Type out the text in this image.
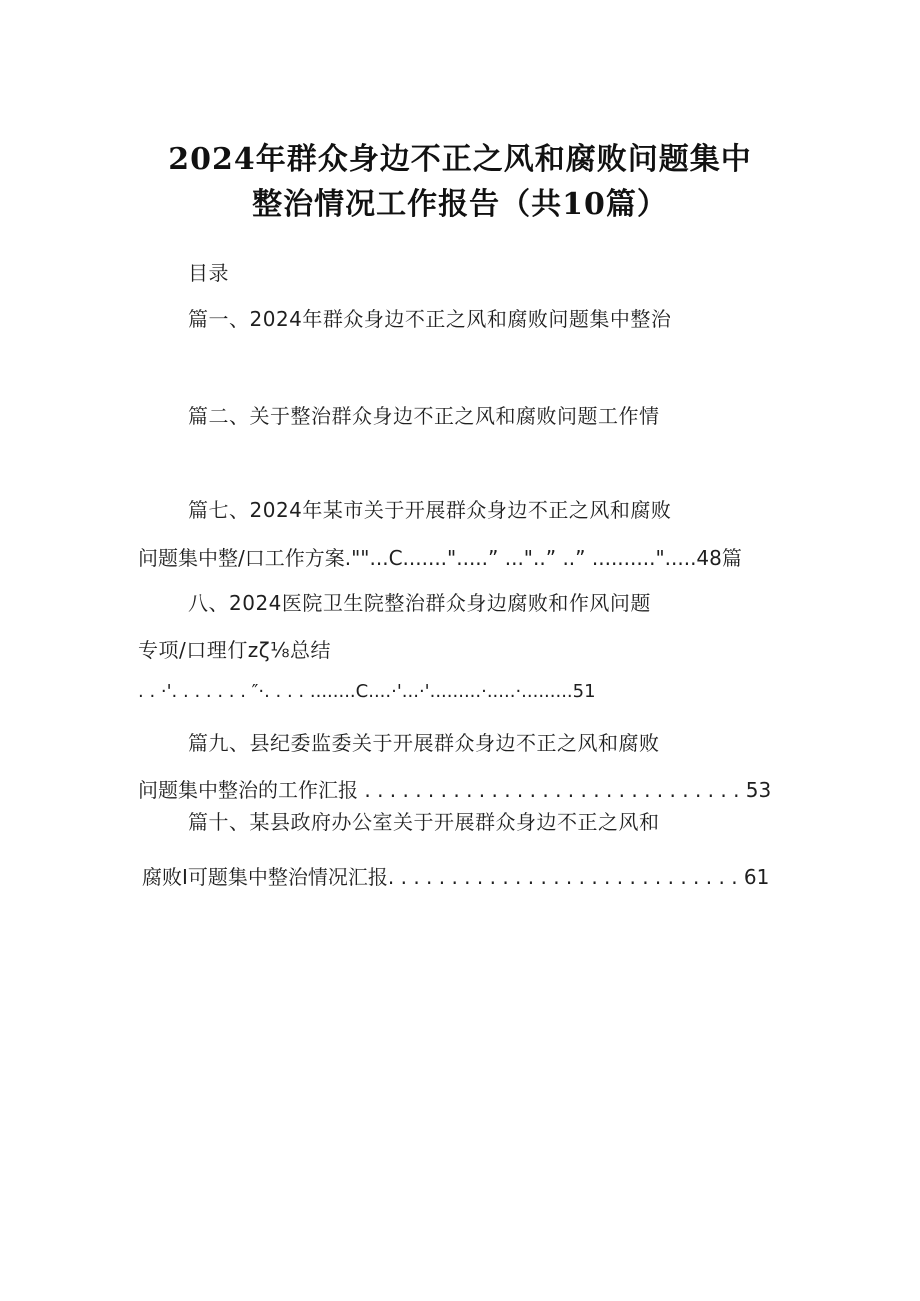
2024年群众身边不正之风和腐败问题集中
整治情况工作报告（共10篇）
目录
篇一、2024年群众身边不正之风和腐败问题集中整治
篇二、关于整治群众身边不正之风和腐败问题工作情
篇七、2024年某市关于开展群众身边不正之风和腐败
问题集中整/口工作方案.""...C.......".....” ..."..” ..” ..........".....48篇
八、2024医院卫生院整治群众身边腐败和作风问题
专项/口理仃zζ⅛总结
. . ·'. . . . . . . ″·. . . . ........C....·'...·'.........·.....·.........51
篇九、县纪委监委关于开展群众身边不正之风和腐败
问题集中整治的工作汇报 . . . . . . . . . . . . . . . . . . . . . . . . . . . . . . 53
篇十、某县政府办公室关于开展群众身边不正之风和
腐败I可题集中整治情况汇报. . . . . . . . . . . . . . . . . . . . . . . . . . . . 61
